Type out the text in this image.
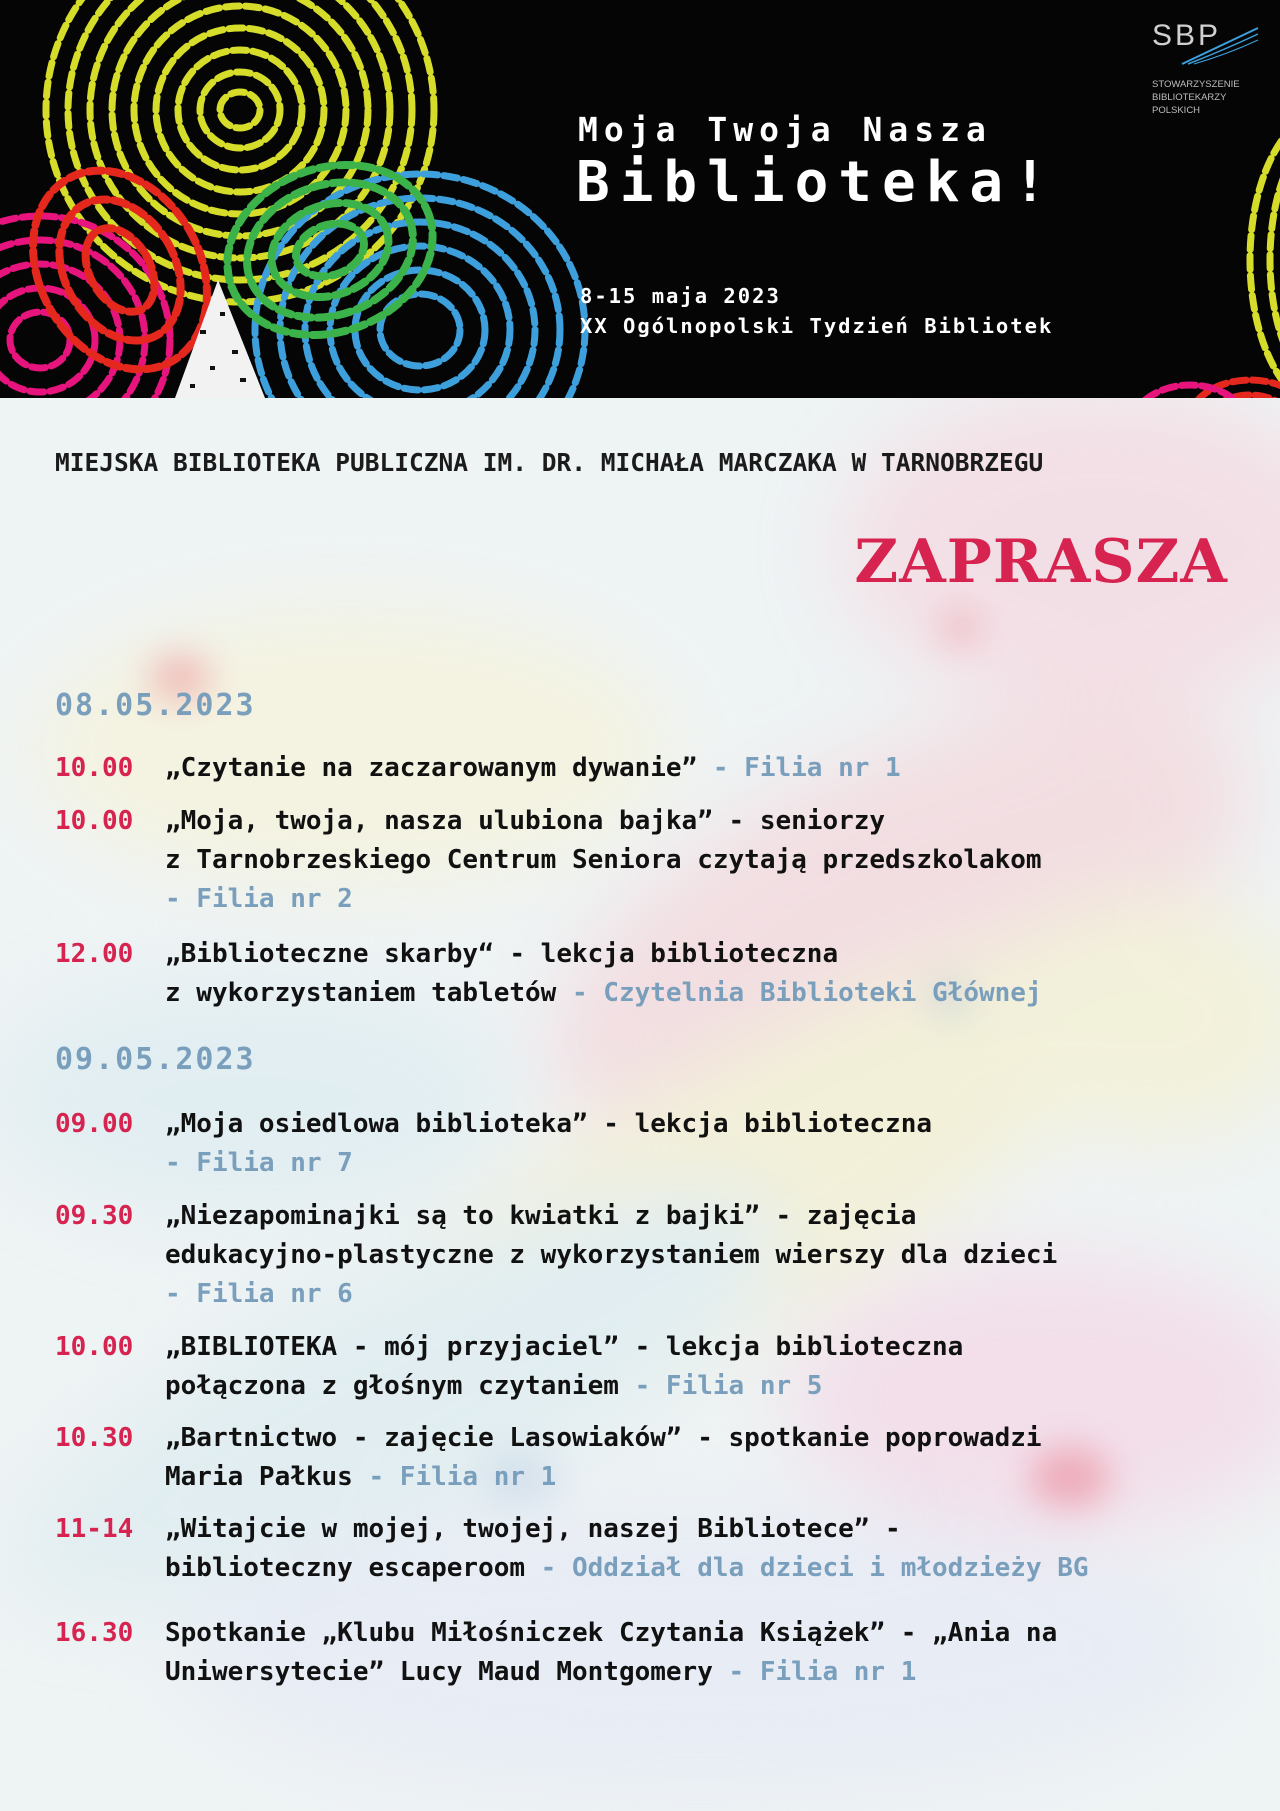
SBP
STOWARZYSZENIE
BIBLIOTEKARZY
POLSKICH
Moja Twoja Nasza
Biblioteka!
8-15 maja 2023
XX Ogólnopolski Tydzień Bibliotek
MIEJSKA BIBLIOTEKA PUBLICZNA IM. DR. MICHAŁA MARCZAKA W TARNOBRZEGU
ZAPRASZA
08.05.2023
10.00	„Czytanie na zaczarowanym dywanie” - Filia nr 1
10.00	„Moja, twoja, nasza ulubiona bajka” - seniorzy
z Tarnobrzeskiego Centrum Seniora czytają przedszkolakom
- Filia nr 2
12.00	„Biblioteczne skarby“ - lekcja biblioteczna
z wykorzystaniem tabletów - Czytelnia Biblioteki Głównej
09.05.2023
09.00	„Moja osiedlowa biblioteka” - lekcja biblioteczna
- Filia nr 7
09.30	„Niezapominajki są to kwiatki z bajki” - zajęcia
edukacyjno-plastyczne z wykorzystaniem wierszy dla dzieci
- Filia nr 6
10.00	„BIBLIOTEKA - mój przyjaciel” - lekcja biblioteczna
połączona z głośnym czytaniem - Filia nr 5
10.30	„Bartnictwo - zajęcie Lasowiaków” - spotkanie poprowadzi
Maria Pałkus - Filia nr 1
11-14	„Witajcie w mojej, twojej, naszej Bibliotece” -
biblioteczny escaperoom - Oddział dla dzieci i młodzieży BG
16.30	Spotkanie „Klubu Miłośniczek Czytania Książek” - „Ania na
Uniwersytecie” Lucy Maud Montgomery - Filia nr 1
